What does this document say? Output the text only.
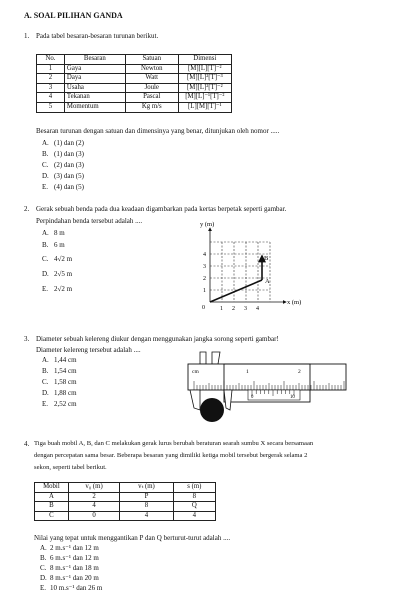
A. SOAL PILIHAN GANDA
1. Pada tabel besaran-besaran turunan berikut.
No.	Besaran	Satuan	Dimensi
1	Gaya	Newton	[M][L][T]⁻²
2	Daya	Watt	[M][L]²[T]⁻³
3	Usaha	Joule	[M][L]²[T]⁻²
4	Tekanan	Pascal	[M][L]⁻¹[T]⁻²
5	Momentum	Kg m/s	[L][M][T]⁻¹
Besaran turunan dengan satuan dan dimensinya yang benar, ditunjukan oleh nomor .....
A. (1) dan (2)
B. (1) dan (3)
C. (2) dan (3)
D. (3) dan (5)
E. (4) dan (5)
2. Gerak sebuah benda pada dua keadaan digambarkan pada kertas berpetak seperti gambar.
Perpindahan benda tersebut adalah ....
A. 8 m
B. 6 m
C. 4√2 m
D. 2√5 m
E. 2√2 m
y (m)
x (m)
0	1 2 3 4
1
2
3
4
A
B
3. Diameter sebuah kelereng diukur dengan menggunakan jangka sorong seperti gambar!
Diameter kelereng tersebut adalah ....
A. 1,44 cm
B. 1,54 cm
C. 1,58 cm
D. 1,88 cm
E. 2,52 cm
cm	1	2
0	10
4. Tiga buah mobil A, B, dan C melakukan gerak lurus berubah beraturan searah sumbu X secara bersamaan
dengan percepatan sama besar. Beberapa besaran yang dimiliki ketiga mobil tersebut bergerak selama 2
sekon, seperti tabel berikut.
Mobil	v₀ (m)	vₜ (m)	s (m)
A	2	P	8
B	4	8	Q
C	0	4	4
Nilai yang tepat untuk menggantikan P dan Q berturut-turut adalah ....
A. 2 m.s⁻¹ dan 12 m
B. 6 m.s⁻¹ dan 12 m
C. 8 m.s⁻¹ dan 18 m
D. 8 m.s⁻¹ dan 20 m
E. 10 m.s⁻¹ dan 26 m
